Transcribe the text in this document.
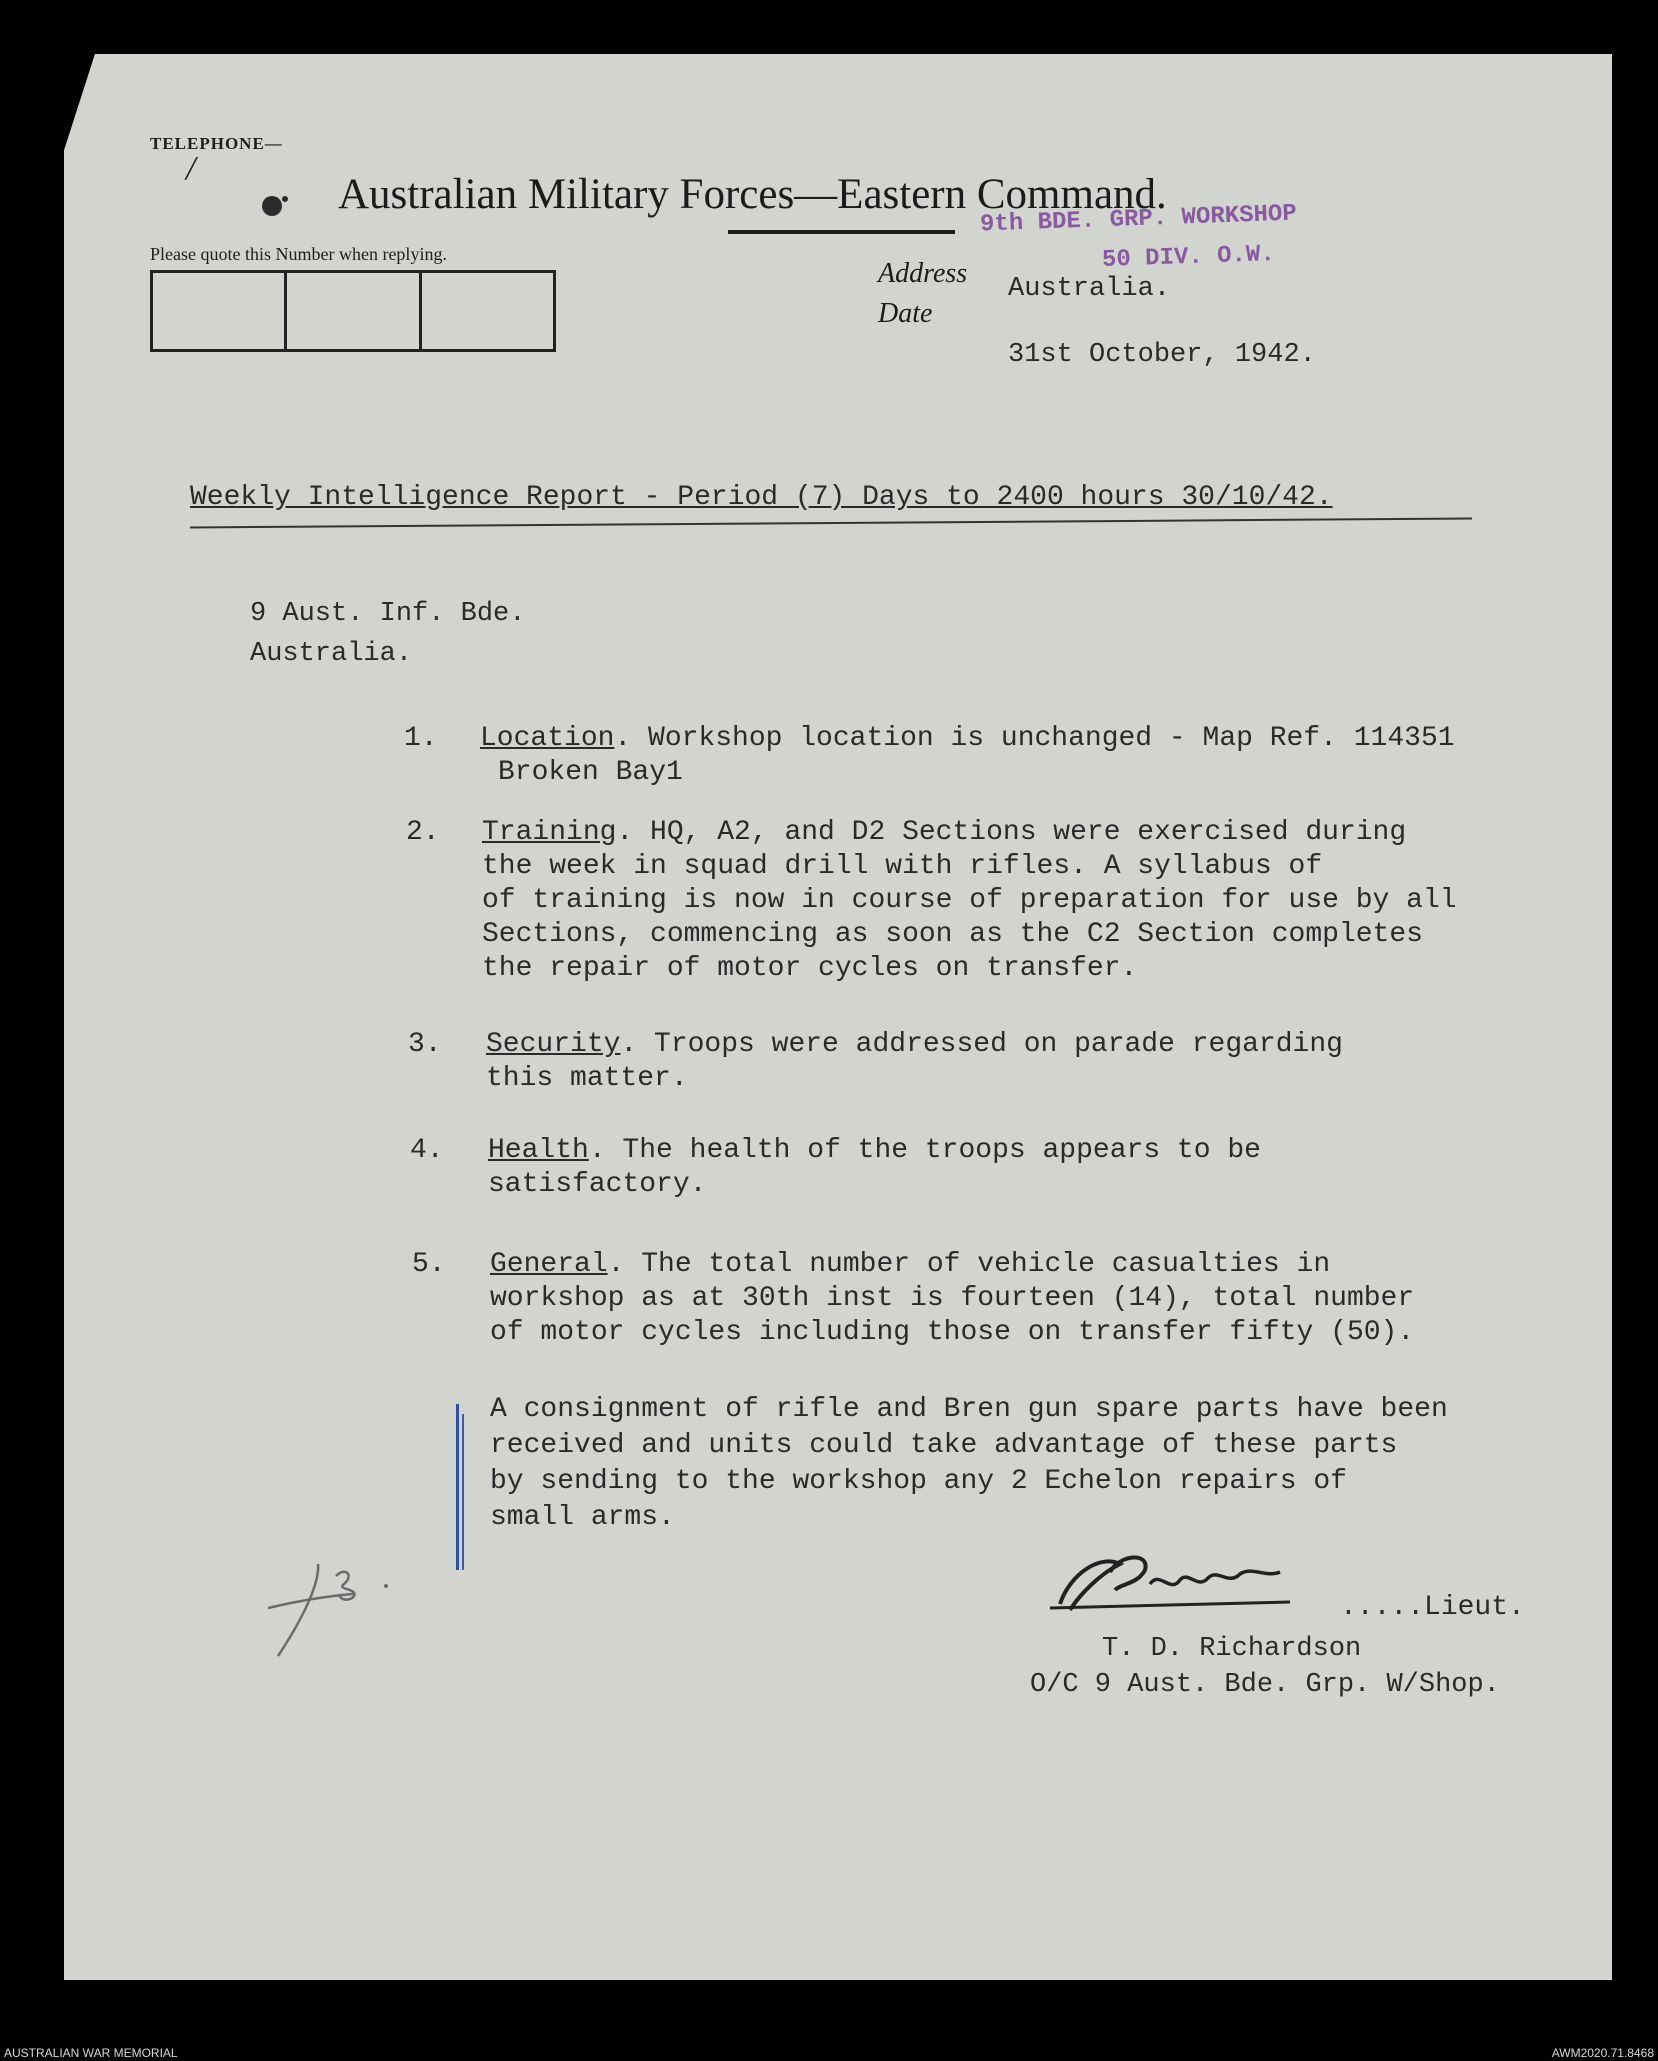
TELEPHONE—
/
Australian Military Forces—Eastern Command.
9th BDE. GRP. WORKSHOP
50 DIV. O.W.
Please quote this Number when replying.
Address
Date
Australia.
31st October, 1942.
Weekly Intelligence Report - Period (7) Days to 2400 hours 30/10/42.
9 Aust. Inf. Bde.
Australia.
1. Location. Workshop location is unchanged - Map Ref. 114351
Broken Bay1
2. Training. HQ, A2, and D2 Sections were exercised during
the week in squad drill with rifles. A syllabus of
of training is now in course of preparation for use by all
Sections, commencing as soon as the C2 Section completes
the repair of motor cycles on transfer.
3. Security. Troops were addressed on parade regarding
this matter.
4. Health. The health of the troops appears to be
satisfactory.
5. General. The total number of vehicle casualties in
workshop as at 30th inst is fourteen (14), total number
of motor cycles including those on transfer fifty (50).
A consignment of rifle and Bren gun spare parts have been
received and units could take advantage of these parts
by sending to the workshop any 2 Echelon repairs of
small arms.
.....Lieut.
T. D. Richardson
O/C 9 Aust. Bde. Grp. W/Shop.
AUSTRALIAN WAR MEMORIAL	AWM2020.71.8468
